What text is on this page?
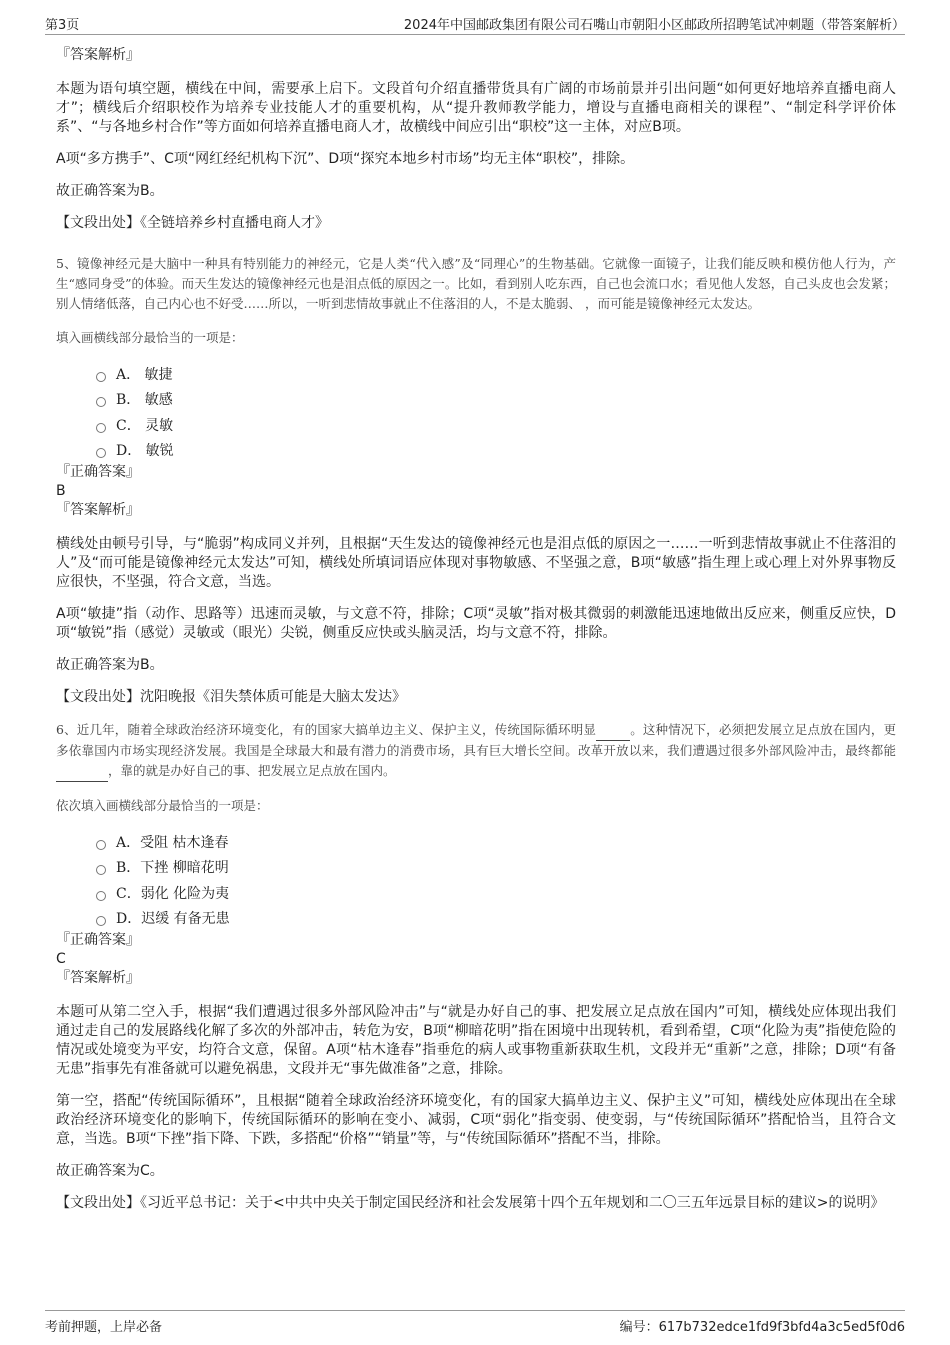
第3页	2024年中国邮政集团有限公司石嘴山市朝阳小区邮政所招聘笔试冲刺题（带答案解析）

『答案解析』

本题为语句填空题，横线在中间，需要承上启下。文段首句介绍直播带货具有广阔的市场前景并引出问题“如何更好地培养直播电商人才”；横线后介绍职校作为培养专业技能人才的重要机构，从“提升教师教学能力，增设与直播电商相关的课程”、“制定科学评价体系”、“与各地乡村合作”等方面如何培养直播电商人才，故横线中间应引出“职校”这一主体，对应B项。

A项“多方携手”、C项“网红经纪机构下沉”、D项“探究本地乡村市场”均无主体“职校”，排除。

故正确答案为B。

【文段出处】《全链培养乡村直播电商人才》

5、镜像神经元是大脑中一种具有特别能力的神经元，它是人类“代入感”及“同理心”的生物基础。它就像一面镜子，让我们能反映和模仿他人行为，产生“感同身受”的体验。而天生发达的镜像神经元也是泪点低的原因之一。比如，看到别人吃东西，自己也会流口水；看见他人发怒，自己头皮也会发紧；别人情绪低落，自己内心也不好受……所以，一听到悲情故事就止不住落泪的人，不是太脆弱、 ，而可能是镜像神经元太发达。

填入画横线部分最恰当的一项是：

A． 敏捷
B． 敏感
C． 灵敏
D． 敏锐

『正确答案』

B

『答案解析』

横线处由顿号引导，与“脆弱”构成同义并列，且根据“天生发达的镜像神经元也是泪点低的原因之一……一听到悲情故事就止不住落泪的人”及“而可能是镜像神经元太发达”可知，横线处所填词语应体现对事物敏感、不坚强之意，B项“敏感”指生理上或心理上对外界事物反应很快，不坚强，符合文意，当选。

A项“敏捷”指（动作、思路等）迅速而灵敏，与文意不符，排除；C项“灵敏”指对极其微弱的刺激能迅速地做出反应来，侧重反应快，D项“敏锐”指（感觉）灵敏或（眼光）尖锐，侧重反应快或头脑灵活，均与文意不符，排除。

故正确答案为B。

【文段出处】沈阳晚报《泪失禁体质可能是大脑太发达》

6、近几年，随着全球政治经济环境变化，有的国家大搞单边主义、保护主义，传统国际循环明显	。这种情况下，必须把发展立足点放在国内，更多依靠国内市场实现经济发展。我国是全球最大和最有潜力的消费市场，具有巨大增长空间。改革开放以来，我们遭遇过很多外部风险冲击，最终都能 ，靠的就是办好自己的事、把发展立足点放在国内。

依次填入画横线部分最恰当的一项是：

A．受阻 枯木逢春
B．下挫 柳暗花明
C．弱化 化险为夷
D．迟缓 有备无患

『正确答案』

C

『答案解析』

本题可从第二空入手，根据“我们遭遇过很多外部风险冲击”与“就是办好自己的事、把发展立足点放在国内”可知，横线处应体现出我们通过走自己的发展路线化解了多次的外部冲击，转危为安，B项“柳暗花明”指在困境中出现转机，看到希望，C项“化险为夷”指使危险的情况或处境变为平安，均符合文意，保留。A项“枯木逢春”指垂危的病人或事物重新获取生机，文段并无“重新”之意，排除；D项“有备无患”指事先有准备就可以避免祸患，文段并无“事先做准备”之意，排除。

第一空，搭配“传统国际循环”，且根据“随着全球政治经济环境变化，有的国家大搞单边主义、保护主义”可知，横线处应体现出在全球政治经济环境变化的影响下，传统国际循环的影响在变小、减弱，C项“弱化”指变弱、使变弱，与“传统国际循环”搭配恰当，且符合文意，当选。B项“下挫”指下降、下跌，多搭配“价格”“销量”等，与“传统国际循环”搭配不当，排除。

故正确答案为C。

【文段出处】《习近平总书记：关于<中共中央关于制定国民经济和社会发展第十四个五年规划和二〇三五年远景目标的建议>的说明》

考前押题，上岸必备	编号：617b732edce1fd9f3bfd4a3c5ed5f0d6
